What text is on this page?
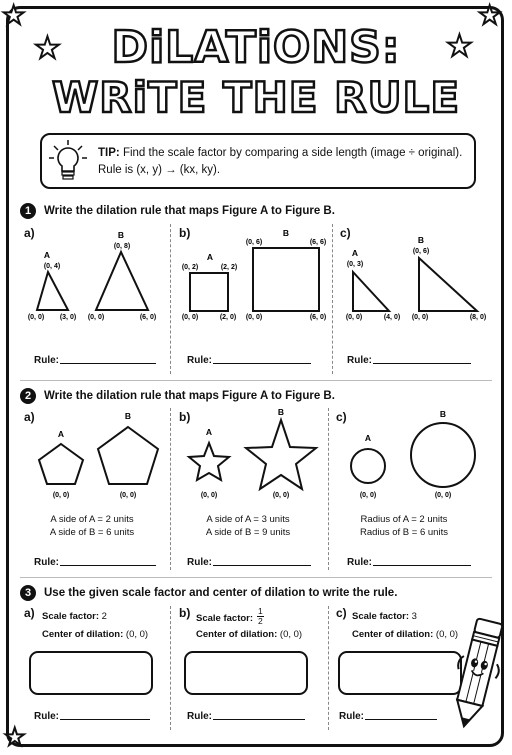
★	★
★	★
★
DiLATiONS:
WRiTE THE RULE
TIP: Find the scale factor by comparing a side length (image ÷ original).
Rule is (x, y) → (kx, ky).
1	Write the dilation rule that maps Figure A to Figure B.
a)	b)	c)
A
(0, 4)
(0, 0) (3, 0)
B
(0, 8)
(0, 0)	(6, 0)
A
(0, 2)	(2, 2)
(0, 0)	(2, 0)
B
(0, 6)	(6, 6)
(0, 0)	(6, 0)
A
(0, 3)
(0, 0)	(4, 0)
B
(0, 6)
(0, 0)	(8, 0)
Rule:	Rule:	Rule:
2	Write the dilation rule that maps Figure A to Figure B.
a)	b)	c)
A
(0, 0)
B
(0, 0)
A
(0, 0)
B
(0, 0)
A
(0, 0)
B
(0, 0)
A side of A = 2 units
A side of B = 6 units
A side of A = 3 units
A side of B = 9 units
Radius of A = 2 units
Radius of B = 6 units
Rule:	Rule:	Rule:
3	Use the given scale factor and center of dilation to write the rule.
a) Scale factor: 2
Center of dilation: (0, 0)
b) Scale factor: $\frac{1}{2}$
Center of dilation: (0, 0)
c) Scale factor: 3
Center of dilation: (0, 0)
Rule:	Rule:	Rule:
